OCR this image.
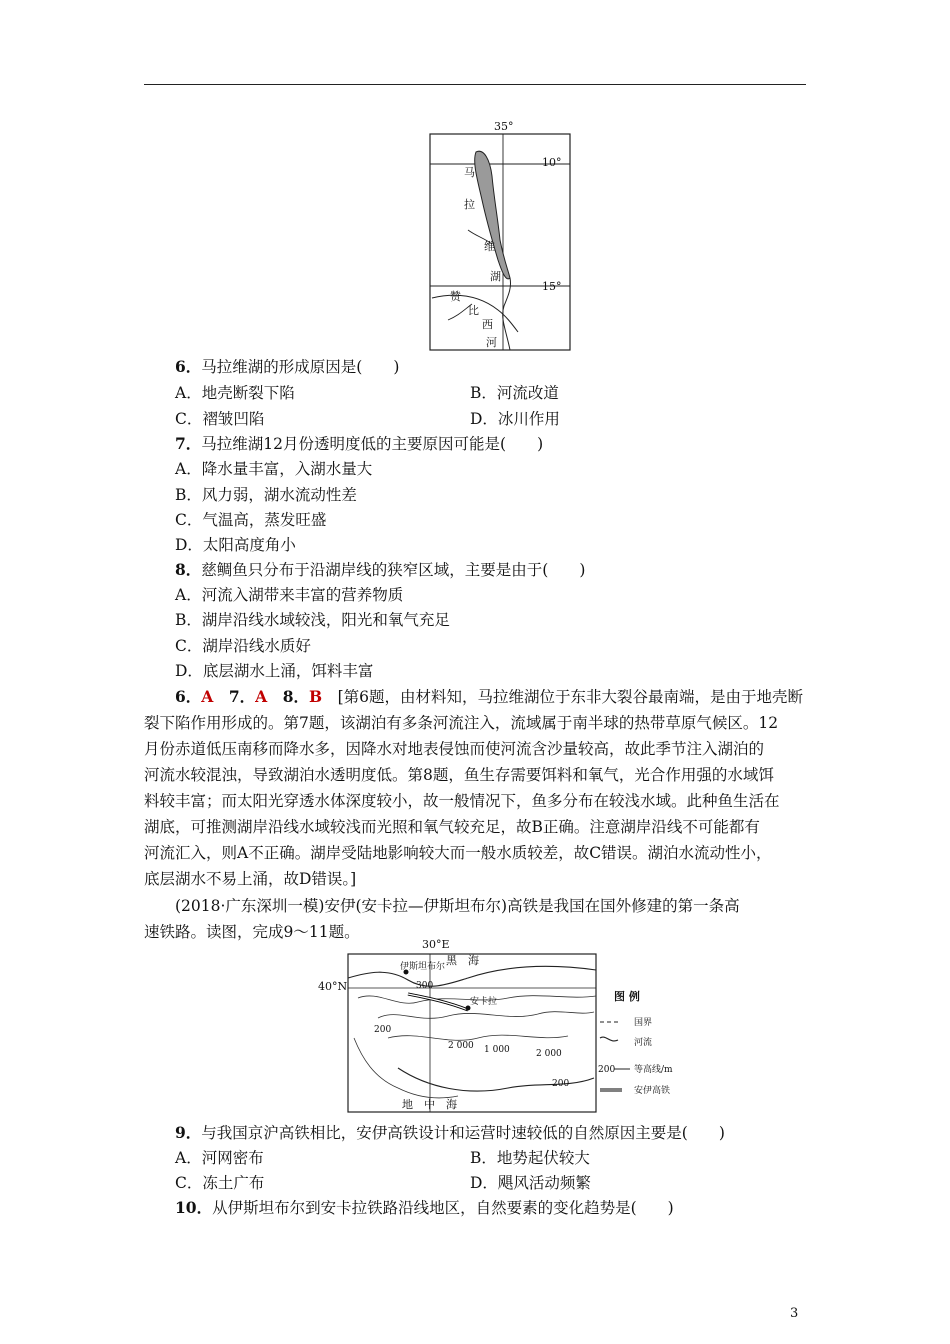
35°
10°
15°
马
拉
维
湖
赞
比
西
河
6．马拉维湖的形成原因是(　　)
A．地壳断裂下陷	B．河流改道
C．褶皱凹陷	D．冰川作用
7．马拉维湖12月份透明度低的主要原因可能是(　　)
A．降水量丰富，入湖水量大
B．风力弱，湖水流动性差
C．气温高，蒸发旺盛
D．太阳高度角小
8．慈鲷鱼只分布于沿湖岸线的狭窄区域，主要是由于(　　)
A．河流入湖带来丰富的营养物质
B．湖岸沿线水域较浅，阳光和氧气充足
C．湖岸沿线水质好
D．底层湖水上涌，饵料丰富
6．A　 7．A　 8．B　 [第6题，由材料知，马拉维湖位于东非大裂谷最南端，是由于地壳断
裂下陷作用形成的。第7题，该湖泊有多条河流注入，流域属于南半球的热带草原气候区。12
月份赤道低压南移而降水多，因降水对地表侵蚀而使河流含沙量较高，故此季节注入湖泊的
河流水较混浊，导致湖泊水透明度低。第8题，鱼生存需要饵料和氧气，光合作用强的水域饵
料较丰富；而太阳光穿透水体深度较小，故一般情况下，鱼多分布在较浅水域。此种鱼生活在
湖底，可推测湖岸沿线水域较浅而光照和氧气较充足，故B正确。注意湖岸沿线不可能都有
河流汇入，则A不正确。湖岸受陆地影响较大而一般水质较差，故C错误。湖泊水流动性小，
底层湖水不易上涌，故D错误。]
(2018·广东深圳一模)安伊(安卡拉—伊斯坦布尔)高铁是我国在国外修建的第一条高
速铁路。读图，完成9～11题。
30°E
40°N
黑　海
地　中　海
伊斯坦布尔
安卡拉
300
200
2 000 1 000	2 000
200
图 例
国界
河流
200 等高线/m
安伊高铁
9．与我国京沪高铁相比，安伊高铁设计和运营时速较低的自然原因主要是(　　)
A．河网密布	B．地势起伏较大
C．冻土广布	D．飓风活动频繁
10．从伊斯坦布尔到安卡拉铁路沿线地区，自然要素的变化趋势是(　　)
3
